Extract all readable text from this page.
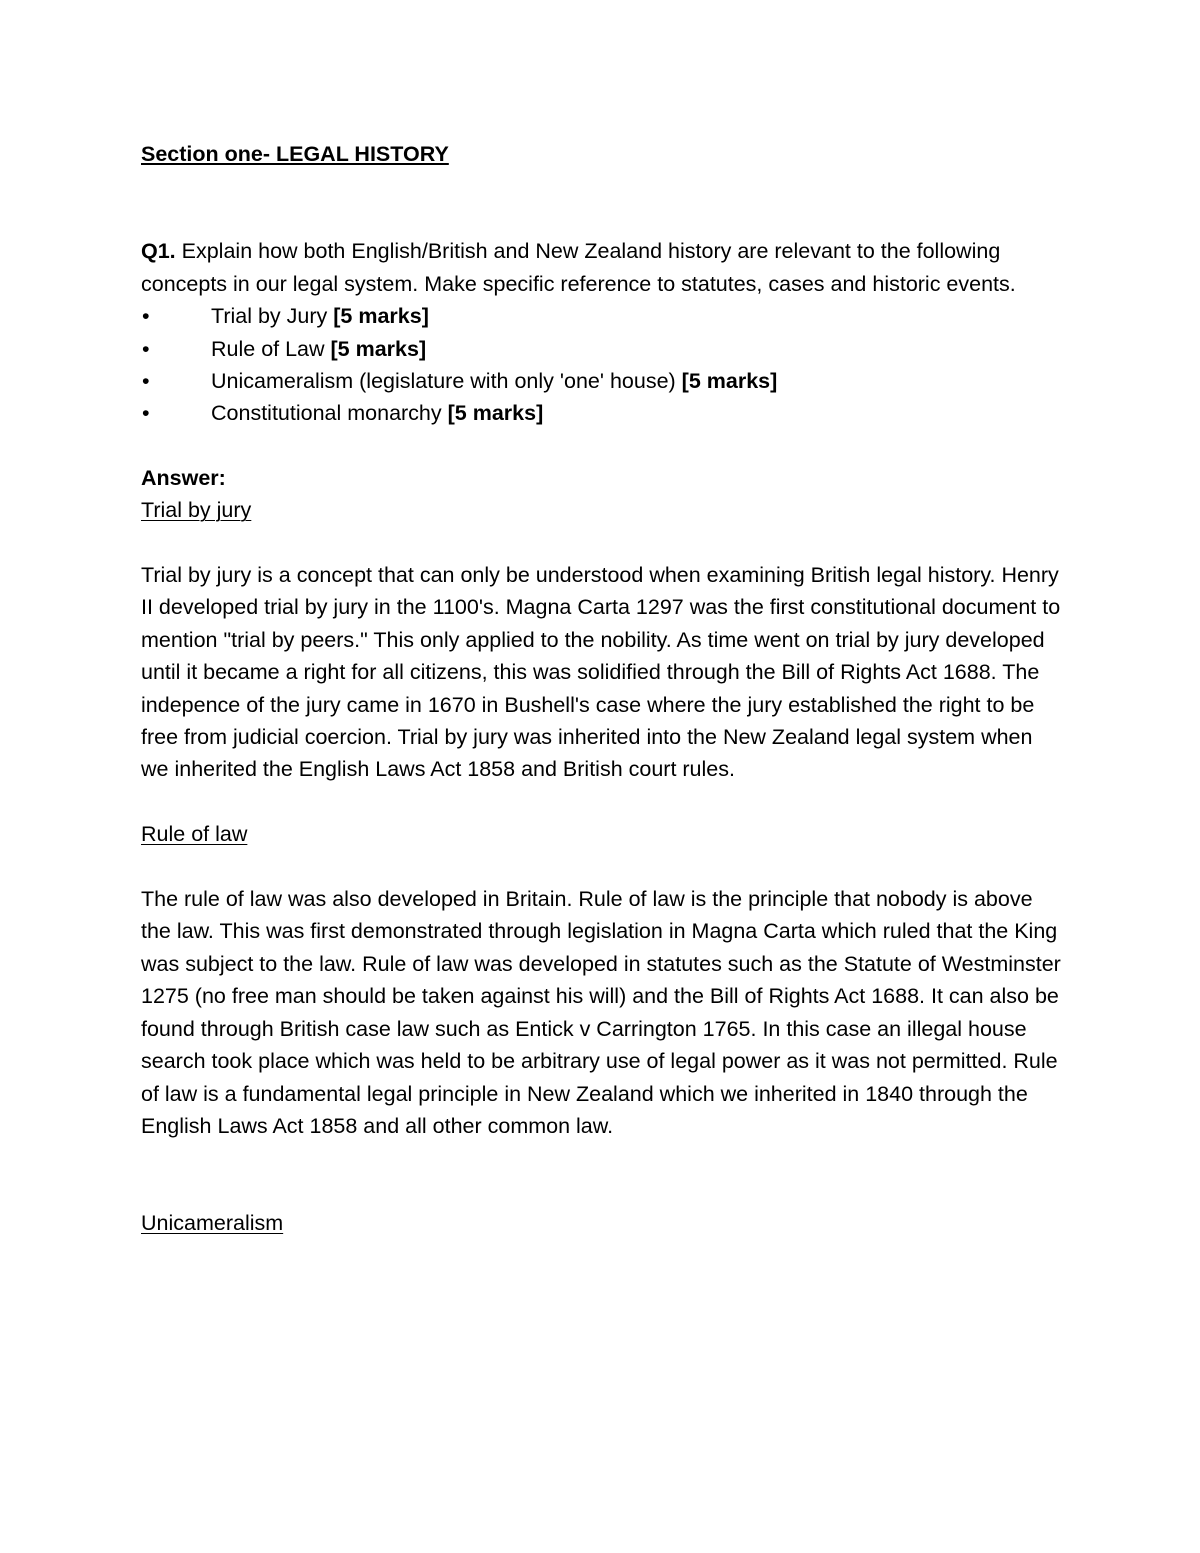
Section one- LEGAL HISTORY
Q1. Explain how both English/British and New Zealand history are relevant to the following concepts in our legal system. Make specific reference to statutes, cases and historic events.
•	Trial by Jury [5 marks]
•	Rule of Law [5 marks]
•	Unicameralism (legislature with only 'one' house) [5 marks]
•	Constitutional monarchy [5 marks]
Answer:
Trial by jury
Trial by jury is a concept that can only be understood when examining British legal history. Henry II developed trial by jury in the 1100's. Magna Carta 1297 was the first constitutional document to mention "trial by peers." This only applied to the nobility. As time went on trial by jury developed until it became a right for all citizens, this was solidified through the Bill of Rights Act 1688. The indepence of the jury came in 1670 in Bushell's case where the jury established the right to be free from judicial coercion. Trial by jury was inherited into the New Zealand legal system when we inherited the English Laws Act 1858 and British court rules.
Rule of law
The rule of law was also developed in Britain. Rule of law is the principle that nobody is above the law. This was first demonstrated through legislation in Magna Carta which ruled that the King was subject to the law. Rule of law was developed in statutes such as the Statute of Westminster 1275 (no free man should be taken against his will) and the Bill of Rights Act 1688. It can also be found through British case law such as Entick v Carrington 1765. In this case an illegal house search took place which was held to be arbitrary use of legal power as it was not permitted. Rule of law is a fundamental legal principle in New Zealand which we inherited in 1840 through the English Laws Act 1858 and all other common law.
Unicameralism
